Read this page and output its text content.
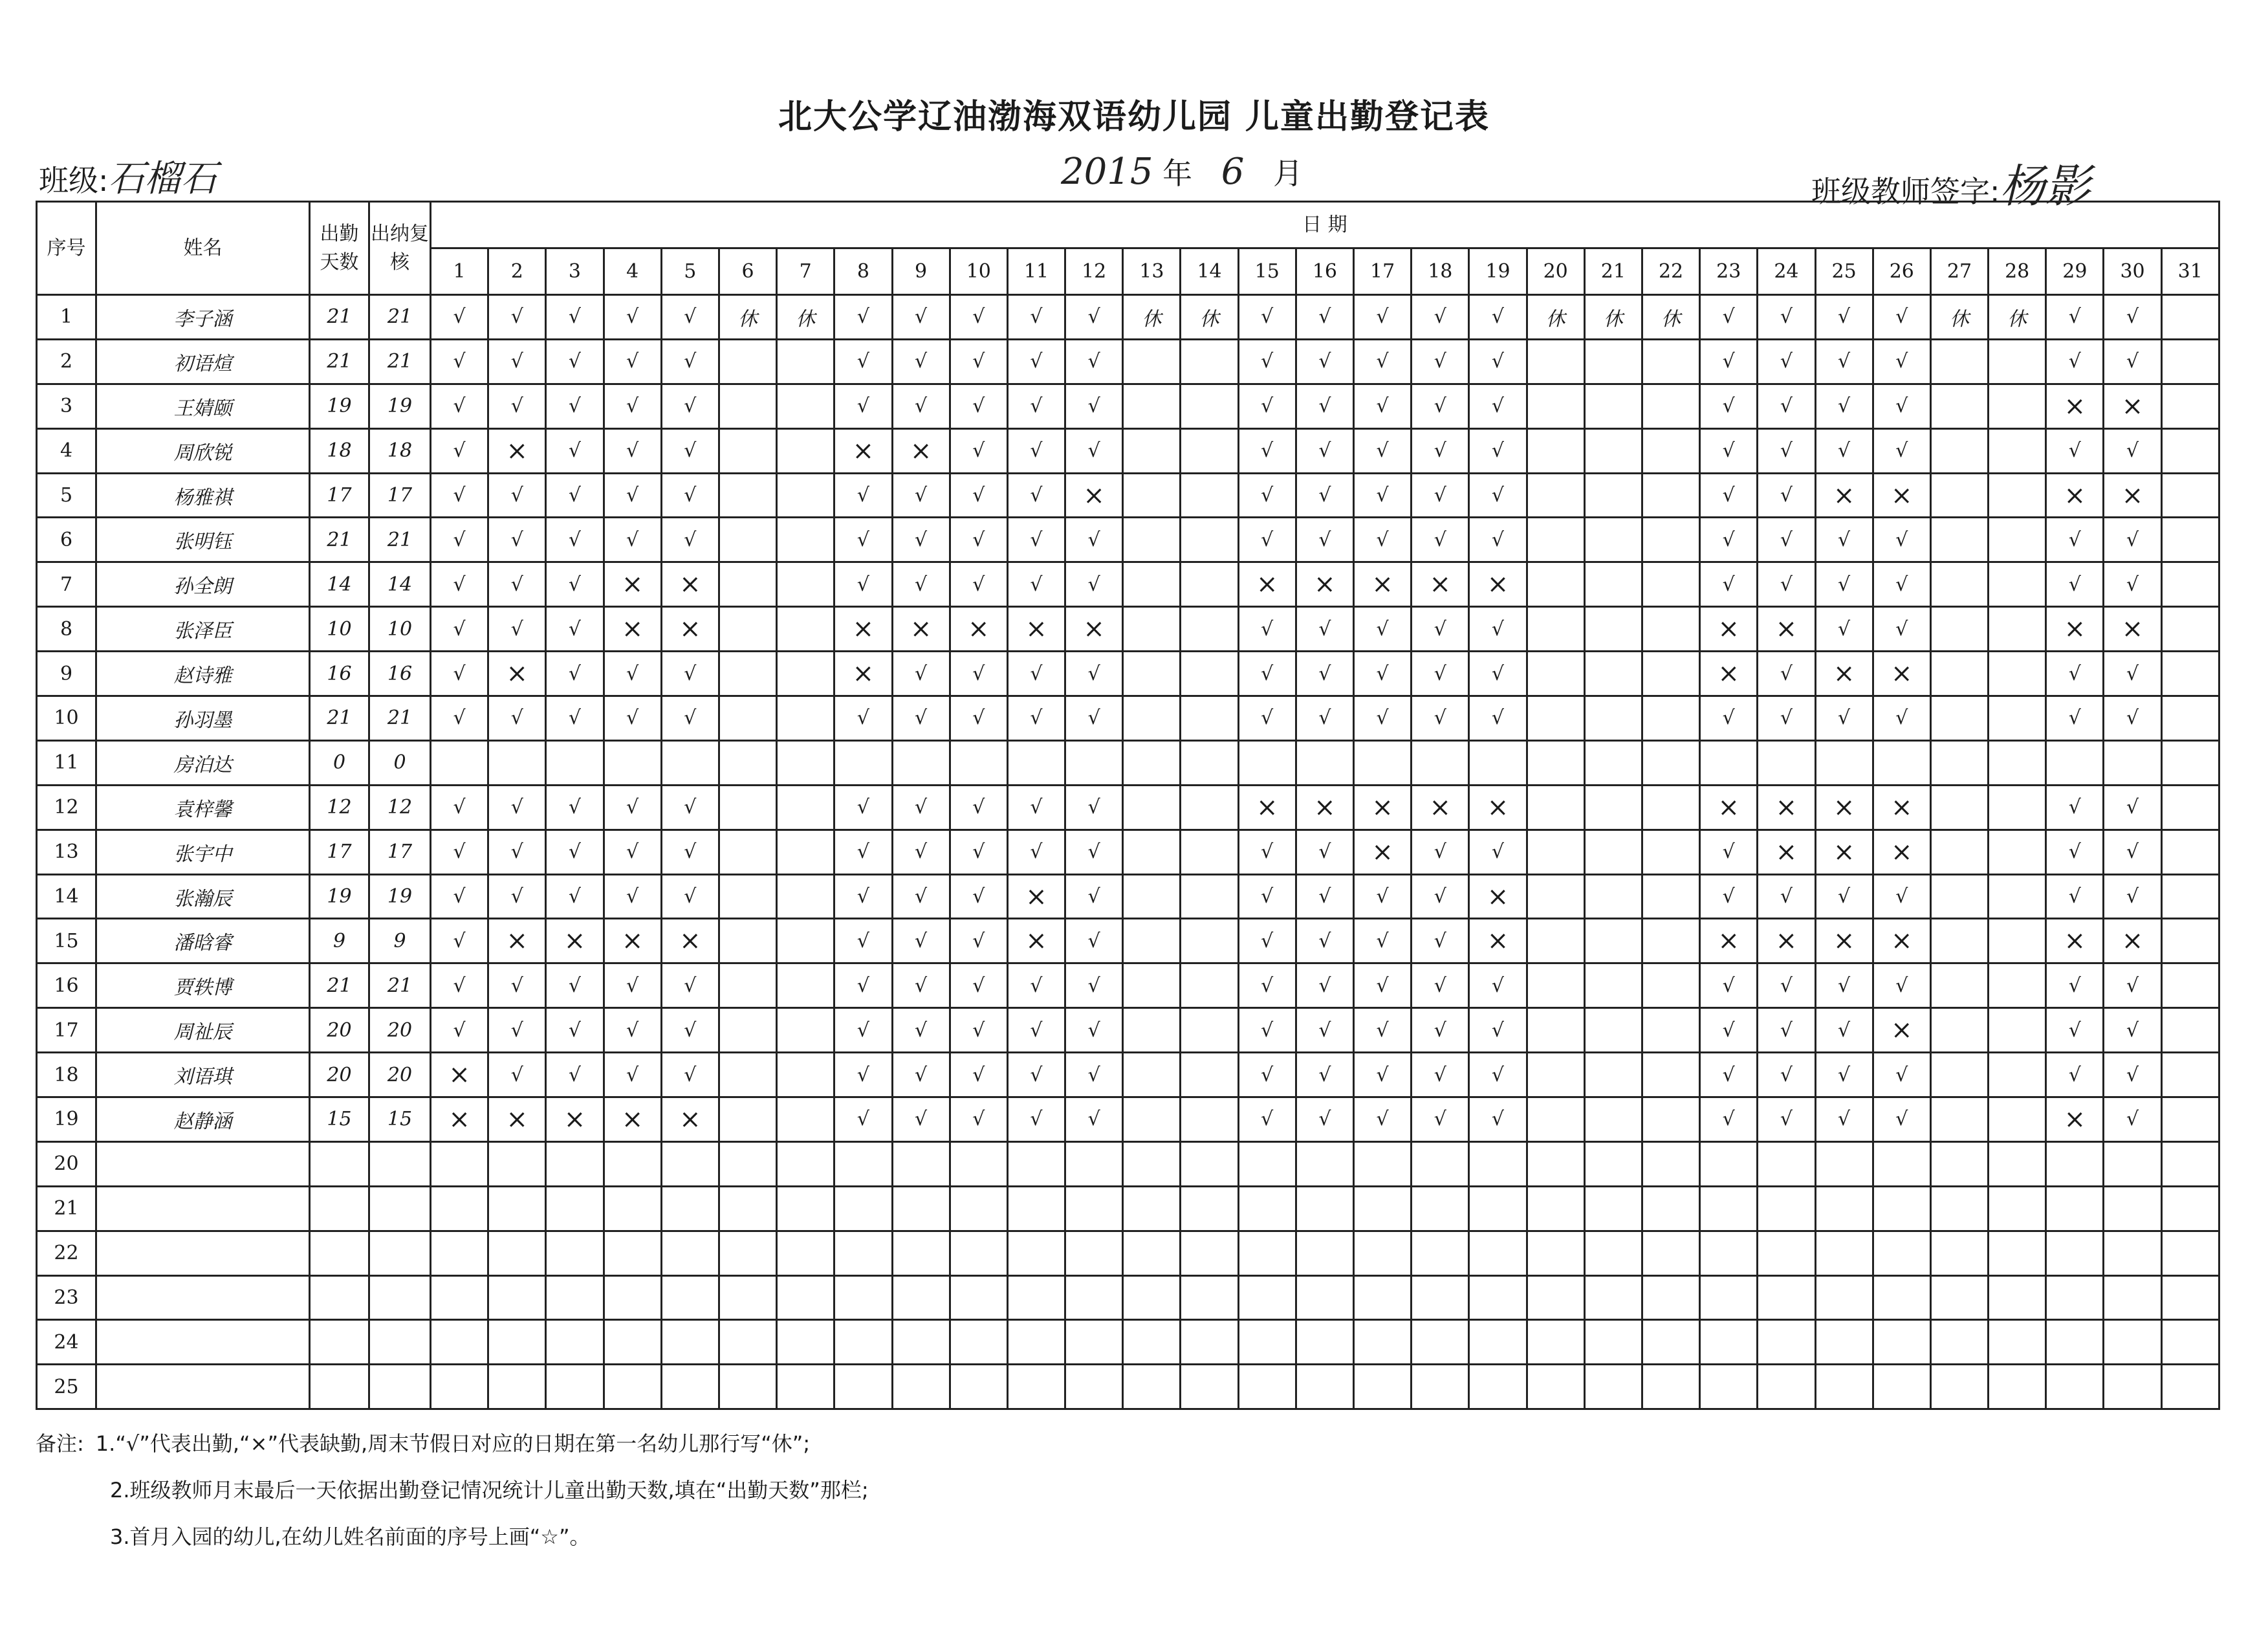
北大公学辽油渤海双语幼儿园 儿童出勤登记表
班级:石榴石	2015 年 6 月
班级教师签字:杨影
序号	姓名	出勤天数	出纳复核	日 期																														
				1	2	3	4	5	6	7	8	9	10	11	12	13	14	15	16	17	18	19	20	21	22	23	24	25	26	27	28	29	30	31
1	李子涵	21	21	√	√	√	√	√	休	休	√	√	√	√	√	休	休	√	√	√	√	√	休	休	休	√	√	√	√	休	休	√	√	
2	初语煊	21	21	√	√	√	√	√			√	√	√	√	√			√	√	√	√	√				√	√	√	√			√	√	
3	王婧颐	19	19	√	√	√	√	√			√	√	√	√	√			√	√	√	√	√				√	√	√	√			×	×	
4	周欣锐	18	18	√	×	√	√	√			×	×	√	√	√			√	√	√	√	√				√	√	√	√			√	√	
5	杨雅祺	17	17	√	√	√	√	√			√	√	√	√	×			√	√	√	√	√				√	√	×	×			×	×	
6	张明钰	21	21	√	√	√	√	√			√	√	√	√	√			√	√	√	√	√				√	√	√	√			√	√	
7	孙全朗	14	14	√	√	√	×	×			√	√	√	√	√			×	×	×	×	×				√	√	√	√			√	√	
8	张泽臣	10	10	√	√	√	×	×			×	×	×	×	×			√	√	√	√	√				×	×	√	√			×	×	
9	赵诗雅	16	16	√	×	√	√	√			×	√	√	√	√			√	√	√	√	√				×	√	×	×			√	√	
10	孙羽墨	21	21	√	√	√	√	√			√	√	√	√	√			√	√	√	√	√				√	√	√	√			√	√	
11	房泊达	0	0																															
12	袁梓馨	12	12	√	√	√	√	√			√	√	√	√	√			×	×	×	×	×				×	×	×	×			√	√	
13	张宇中	17	17	√	√	√	√	√			√	√	√	√	√			√	√	×	√	√				√	×	×	×			√	√	
14	张瀚辰	19	19	√	√	√	√	√			√	√	√	×	√			√	√	√	√	×				√	√	√	√			√	√	
15	潘晗睿	9	9	√	×	×	×	×			√	√	√	×	√			√	√	√	√	×				×	×	×	×			×	×	
16	贾轶博	21	21	√	√	√	√	√			√	√	√	√	√			√	√	√	√	√				√	√	√	√			√	√	
17	周祉辰	20	20	√	√	√	√	√			√	√	√	√	√			√	√	√	√	√				√	√	√	×			√	√	
18	刘语琪	20	20	×	√	√	√	√			√	√	√	√	√			√	√	√	√	√				√	√	√	√			√	√	
19	赵静涵	15	15	×	×	×	×	×			√	√	√	√	√			√	√	√	√	√				√	√	√	√			×	√	
20																																		
21																																		
22																																		
23																																		
24																																		
25																																		
备注: 1.“√”代表出勤,“×”代表缺勤,周末节假日对应的日期在第一名幼儿那行写“休”;
2.班级教师月末最后一天依据出勤登记情况统计儿童出勤天数,填在“出勤天数”那栏;
3.首月入园的幼儿,在幼儿姓名前面的序号上画“☆”。
